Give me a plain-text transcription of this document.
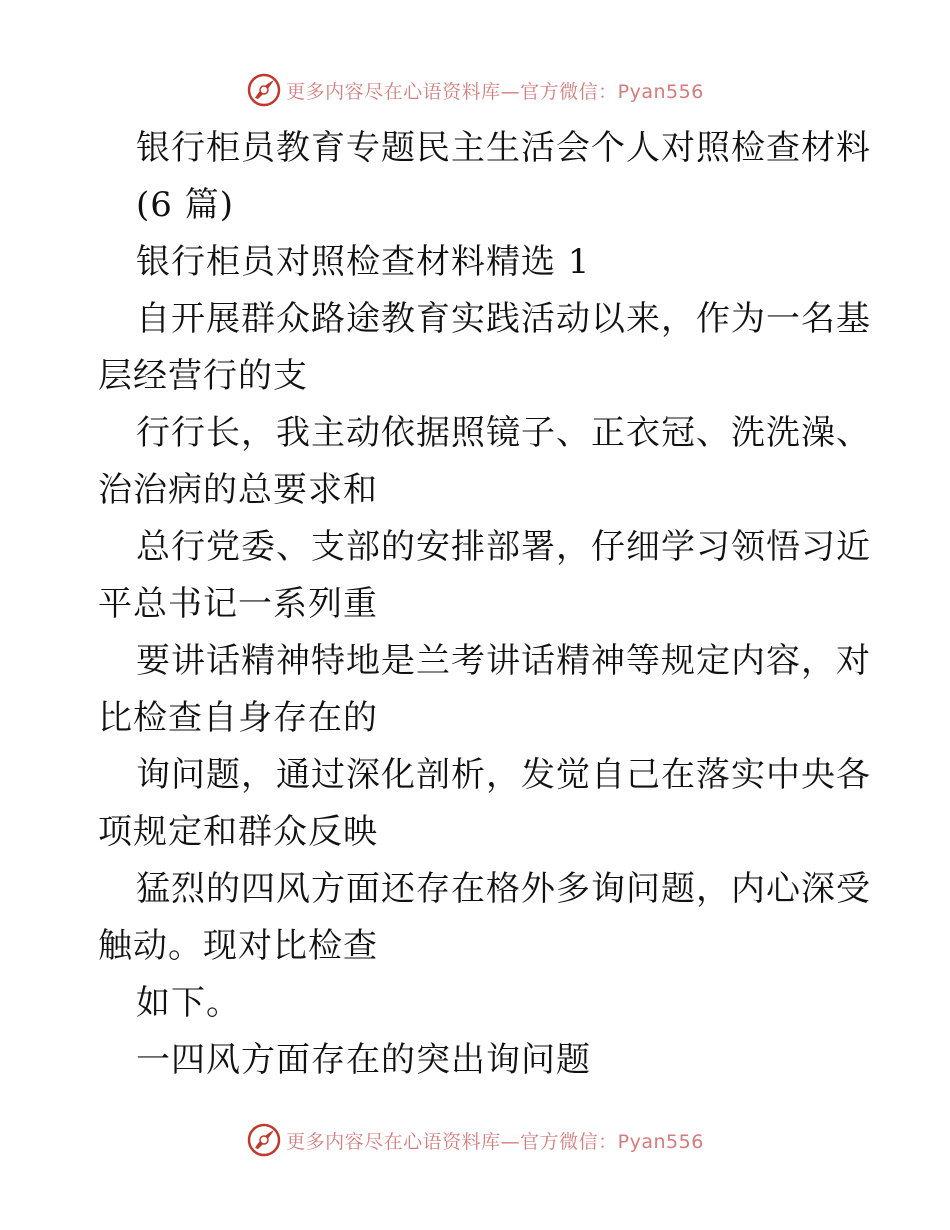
更多内容尽在心语资料库—官方微信：Pyan556
银行柜员教育专题民主生活会个人对照检查材料
(6 篇)
银行柜员对照检查材料精选 1
自开展群众路途教育实践活动以来，作为一名基
层经营行的支
行行长，我主动依据照镜子、正衣冠、洗洗澡、
治治病的总要求和
总行党委、支部的安排部署，仔细学习领悟习近
平总书记一系列重
要讲话精神特地是兰考讲话精神等规定内容，对
比检查自身存在的
询问题，通过深化剖析，发觉自己在落实中央各
项规定和群众反映
猛烈的四风方面还存在格外多询问题，内心深受
触动。现对比检查
如下。
一四风方面存在的突出询问题
更多内容尽在心语资料库—官方微信：Pyan556
